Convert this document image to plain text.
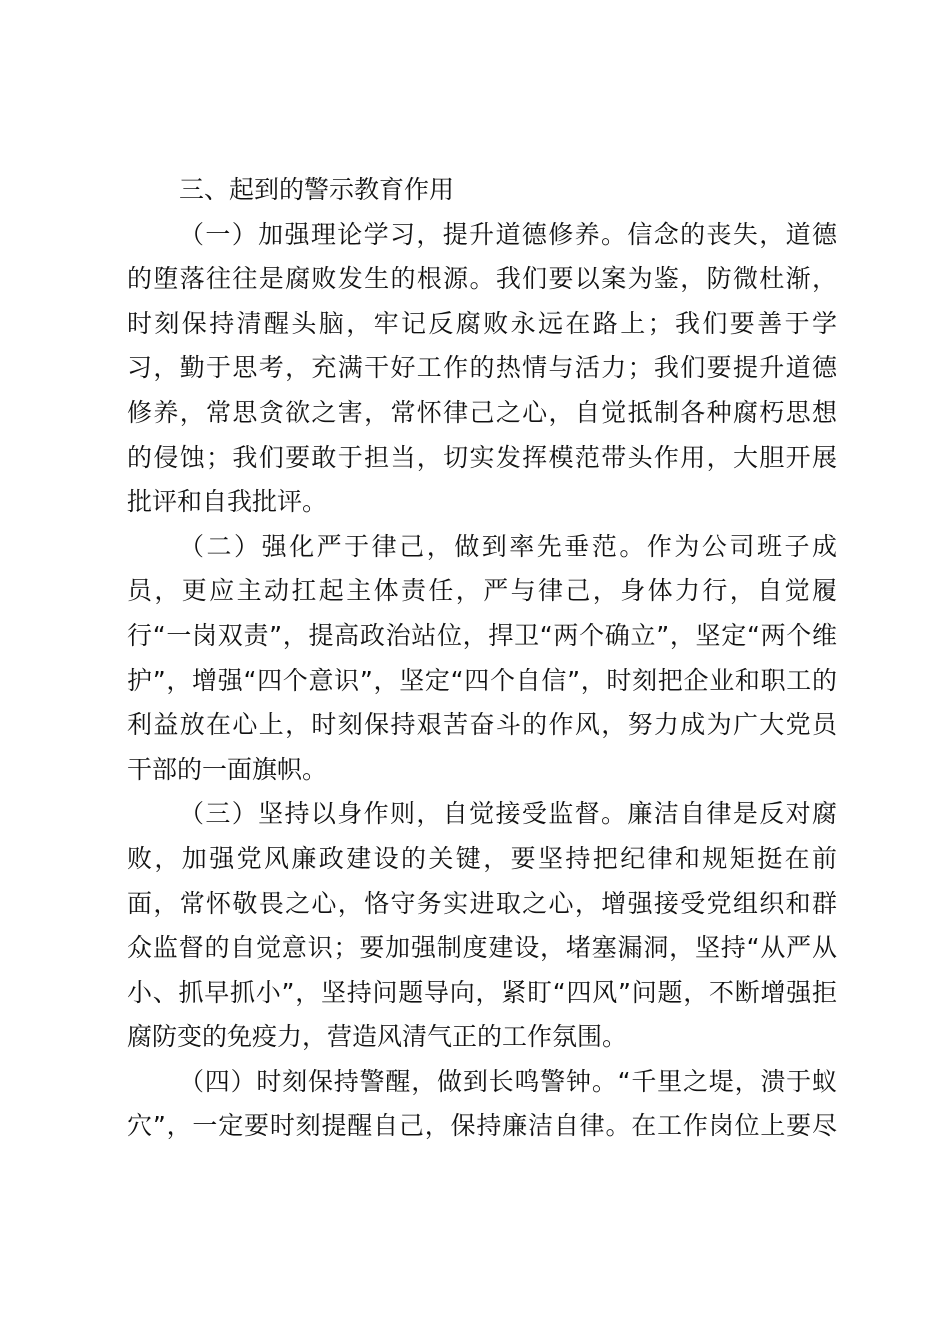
三、起到的警示教育作用
（一）加强理论学习，提升道德修养。信念的丧失，道德
的堕落往往是腐败发生的根源。我们要以案为鉴，防微杜渐，
时刻保持清醒头脑，牢记反腐败永远在路上；我们要善于学
习，勤于思考，充满干好工作的热情与活力；我们要提升道德
修养，常思贪欲之害，常怀律己之心，自觉抵制各种腐朽思想
的侵蚀；我们要敢于担当，切实发挥模范带头作用，大胆开展
批评和自我批评。
（二）强化严于律己，做到率先垂范。作为公司班子成
员，更应主动扛起主体责任，严与律己，身体力行，自觉履
行“一岗双责”，提高政治站位，捍卫“两个确立”，坚定“两个维
护”，增强“四个意识”，坚定“四个自信”，时刻把企业和职工的
利益放在心上，时刻保持艰苦奋斗的作风，努力成为广大党员
干部的一面旗帜。
（三）坚持以身作则，自觉接受监督。廉洁自律是反对腐
败，加强党风廉政建设的关键，要坚持把纪律和规矩挺在前
面，常怀敬畏之心，恪守务实进取之心，增强接受党组织和群
众监督的自觉意识；要加强制度建设，堵塞漏洞，坚持“从严从
小、抓早抓小”，坚持问题导向，紧盯“四风”问题，不断增强拒
腐防变的免疫力，营造风清气正的工作氛围。
（四）时刻保持警醒，做到长鸣警钟。“千里之堤，溃于蚁
穴”，一定要时刻提醒自己，保持廉洁自律。在工作岗位上要尽
